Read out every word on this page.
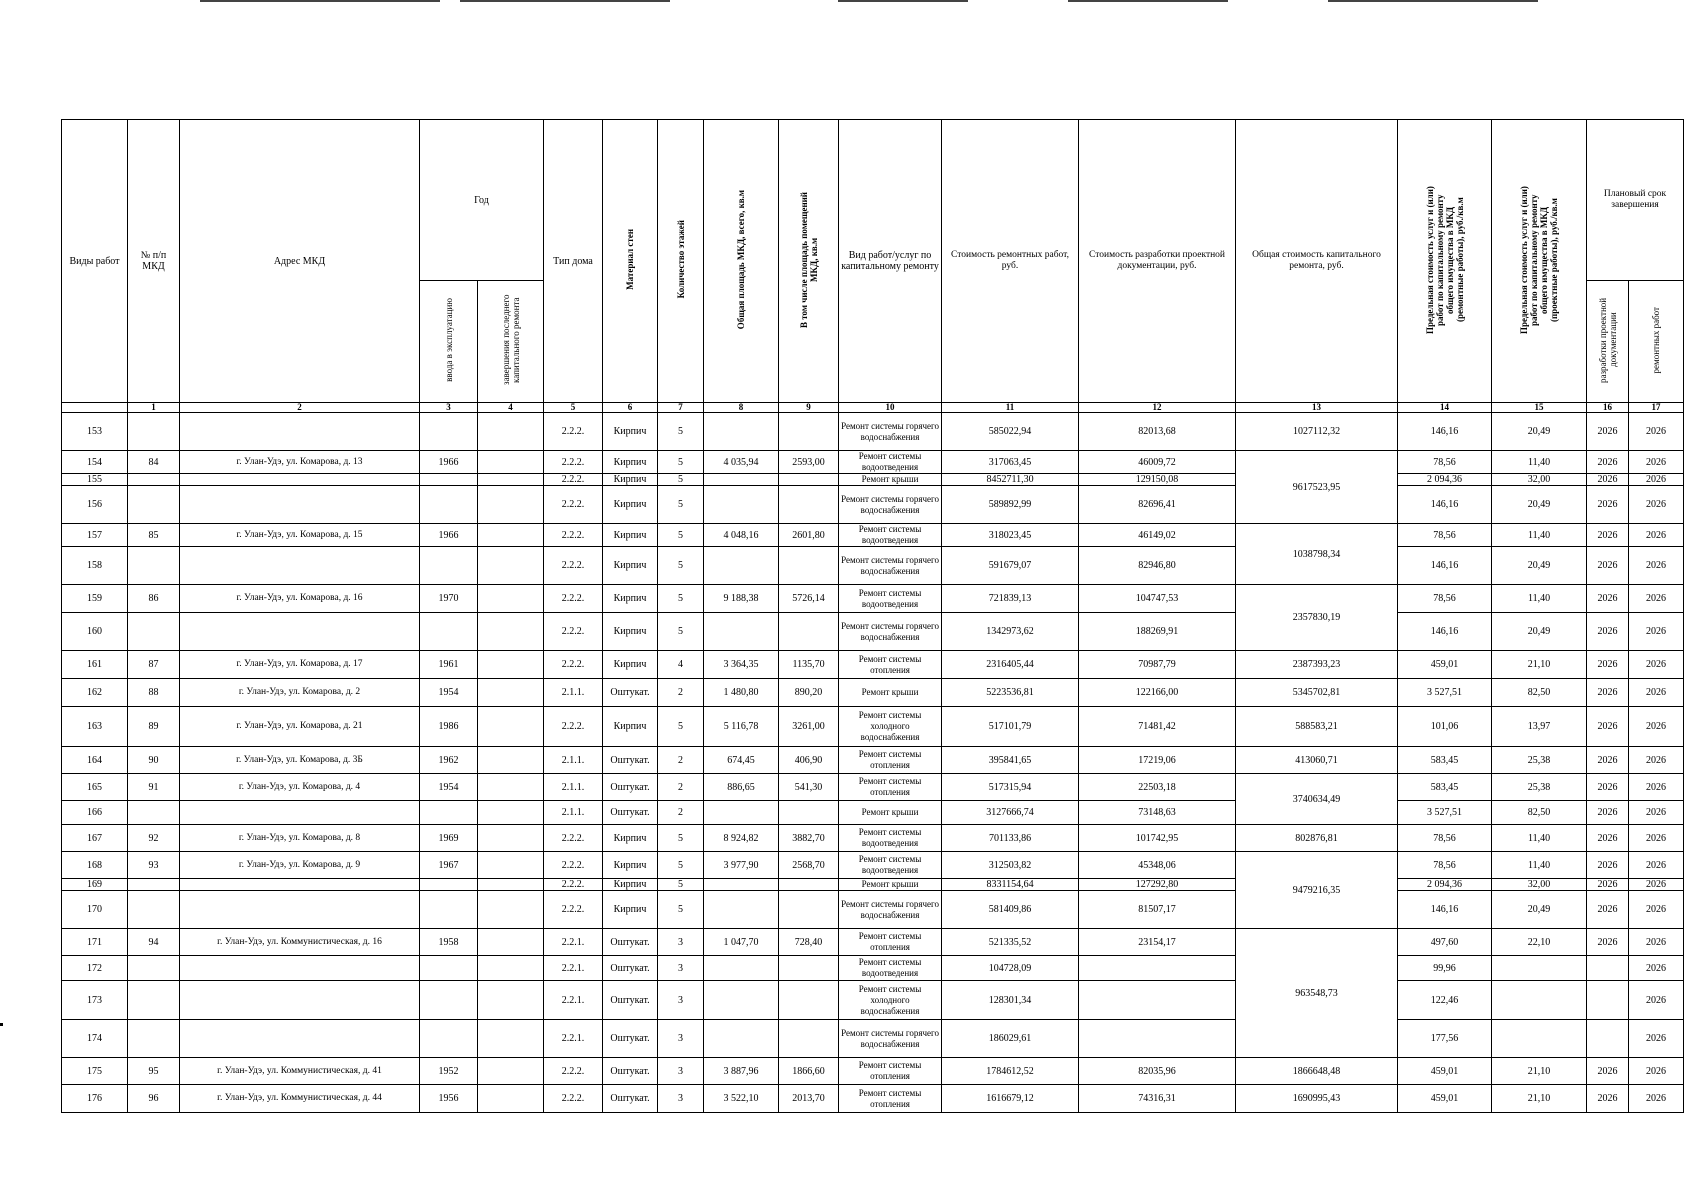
Виды работ	№ п/п МКД	Адрес МКД	Год		Тип дома	Материал стен	Количество этажей	Общая площадь МКД, всего, кв.м	В том числе площадь помещений МКД, кв.м	Вид работ/услуг по капитальному ремонту	Стоимость ремонтных работ, руб.	Стоимость разработки проектной документации, руб.	Общая стоимость капитального ремонта, руб.	Предельная стоимость услуг и (или) работ по капитальному ремонту общего имущества в МКД (ремонтные работы), руб./кв.м	Предельная стоимость услуг и (или) работ по капитальному ремонту общего имущества в МКД (проектные работы), руб./кв.м	Плановый срок завершения	
			ввода в эксплуатацию	завершения последнего капитального ремонта												разработки проектной документации	ремонтных работ
	1	2	3	4	5	6	7	8	9	10	11	12	13	14	15	16	17
153					2.2.2.	Кирпич	5			Ремонт системы горячего водоснабжения	585022,94	82013,68	1027112,32	146,16	20,49	2026	2026
154	84	г. Улан-Удэ, ул. Комарова, д. 13	1966		2.2.2.	Кирпич	5	4 035,94	2593,00	Ремонт системы водоотведения	317063,45	46009,72	9617523,95	78,56	11,40	2026	2026
155					2.2.2.	Кирпич	5			Ремонт крыши	8452711,30	129150,08		2 094,36	32,00	2026	2026
156					2.2.2.	Кирпич	5			Ремонт системы горячего водоснабжения	589892,99	82696,41		146,16	20,49	2026	2026
157	85	г. Улан-Удэ, ул. Комарова, д. 15	1966		2.2.2.	Кирпич	5	4 048,16	2601,80	Ремонт системы водоотведения	318023,45	46149,02	1038798,34	78,56	11,40	2026	2026
158					2.2.2.	Кирпич	5			Ремонт системы горячего водоснабжения	591679,07	82946,80		146,16	20,49	2026	2026
159	86	г. Улан-Удэ, ул. Комарова, д. 16	1970		2.2.2.	Кирпич	5	9 188,38	5726,14	Ремонт системы водоотведения	721839,13	104747,53	2357830,19	78,56	11,40	2026	2026
160					2.2.2.	Кирпич	5			Ремонт системы горячего водоснабжения	1342973,62	188269,91		146,16	20,49	2026	2026
161	87	г. Улан-Удэ, ул. Комарова, д. 17	1961		2.2.2.	Кирпич	4	3 364,35	1135,70	Ремонт системы отопления	2316405,44	70987,79	2387393,23	459,01	21,10	2026	2026
162	88	г. Улан-Удэ, ул. Комарова, д. 2	1954		2.1.1.	Оштукат.	2	1 480,80	890,20	Ремонт крыши	5223536,81	122166,00	5345702,81	3 527,51	82,50	2026	2026
163	89	г. Улан-Удэ, ул. Комарова, д. 21	1986		2.2.2.	Кирпич	5	5 116,78	3261,00	Ремонт системы холодного водоснабжения	517101,79	71481,42	588583,21	101,06	13,97	2026	2026
164	90	г. Улан-Удэ, ул. Комарова, д. 3Б	1962		2.1.1.	Оштукат.	2	674,45	406,90	Ремонт системы отопления	395841,65	17219,06	413060,71	583,45	25,38	2026	2026
165	91	г. Улан-Удэ, ул. Комарова, д. 4	1954		2.1.1.	Оштукат.	2	886,65	541,30	Ремонт системы отопления	517315,94	22503,18	3740634,49	583,45	25,38	2026	2026
166					2.1.1.	Оштукат.	2			Ремонт крыши	3127666,74	73148,63		3 527,51	82,50	2026	2026
167	92	г. Улан-Удэ, ул. Комарова, д. 8	1969		2.2.2.	Кирпич	5	8 924,82	3882,70	Ремонт системы водоотведения	701133,86	101742,95	802876,81	78,56	11,40	2026	2026
168	93	г. Улан-Удэ, ул. Комарова, д. 9	1967		2.2.2.	Кирпич	5	3 977,90	2568,70	Ремонт системы водоотведения	312503,82	45348,06	9479216,35	78,56	11,40	2026	2026
169					2.2.2.	Кирпич	5			Ремонт крыши	8331154,64	127292,80		2 094,36	32,00	2026	2026
170					2.2.2.	Кирпич	5			Ремонт системы горячего водоснабжения	581409,86	81507,17		146,16	20,49	2026	2026
171	94	г. Улан-Удэ, ул. Коммунистическая, д. 16	1958		2.2.1.	Оштукат.	3	1 047,70	728,40	Ремонт системы отопления	521335,52	23154,17	963548,73	497,60	22,10	2026	2026
172					2.2.1.	Оштукат.	3			Ремонт системы водоотведения	104728,09			99,96			2026
173					2.2.1.	Оштукат.	3			Ремонт системы холодного водоснабжения	128301,34			122,46			2026
174					2.2.1.	Оштукат.	3			Ремонт системы горячего водоснабжения	186029,61			177,56			2026
175	95	г. Улан-Удэ, ул. Коммунистическая, д. 41	1952		2.2.2.	Оштукат.	3	3 887,96	1866,60	Ремонт системы отопления	1784612,52	82035,96	1866648,48	459,01	21,10	2026	2026
176	96	г. Улан-Удэ, ул. Коммунистическая, д. 44	1956		2.2.2.	Оштукат.	3	3 522,10	2013,70	Ремонт системы отопления	1616679,12	74316,31	1690995,43	459,01	21,10	2026	2026
